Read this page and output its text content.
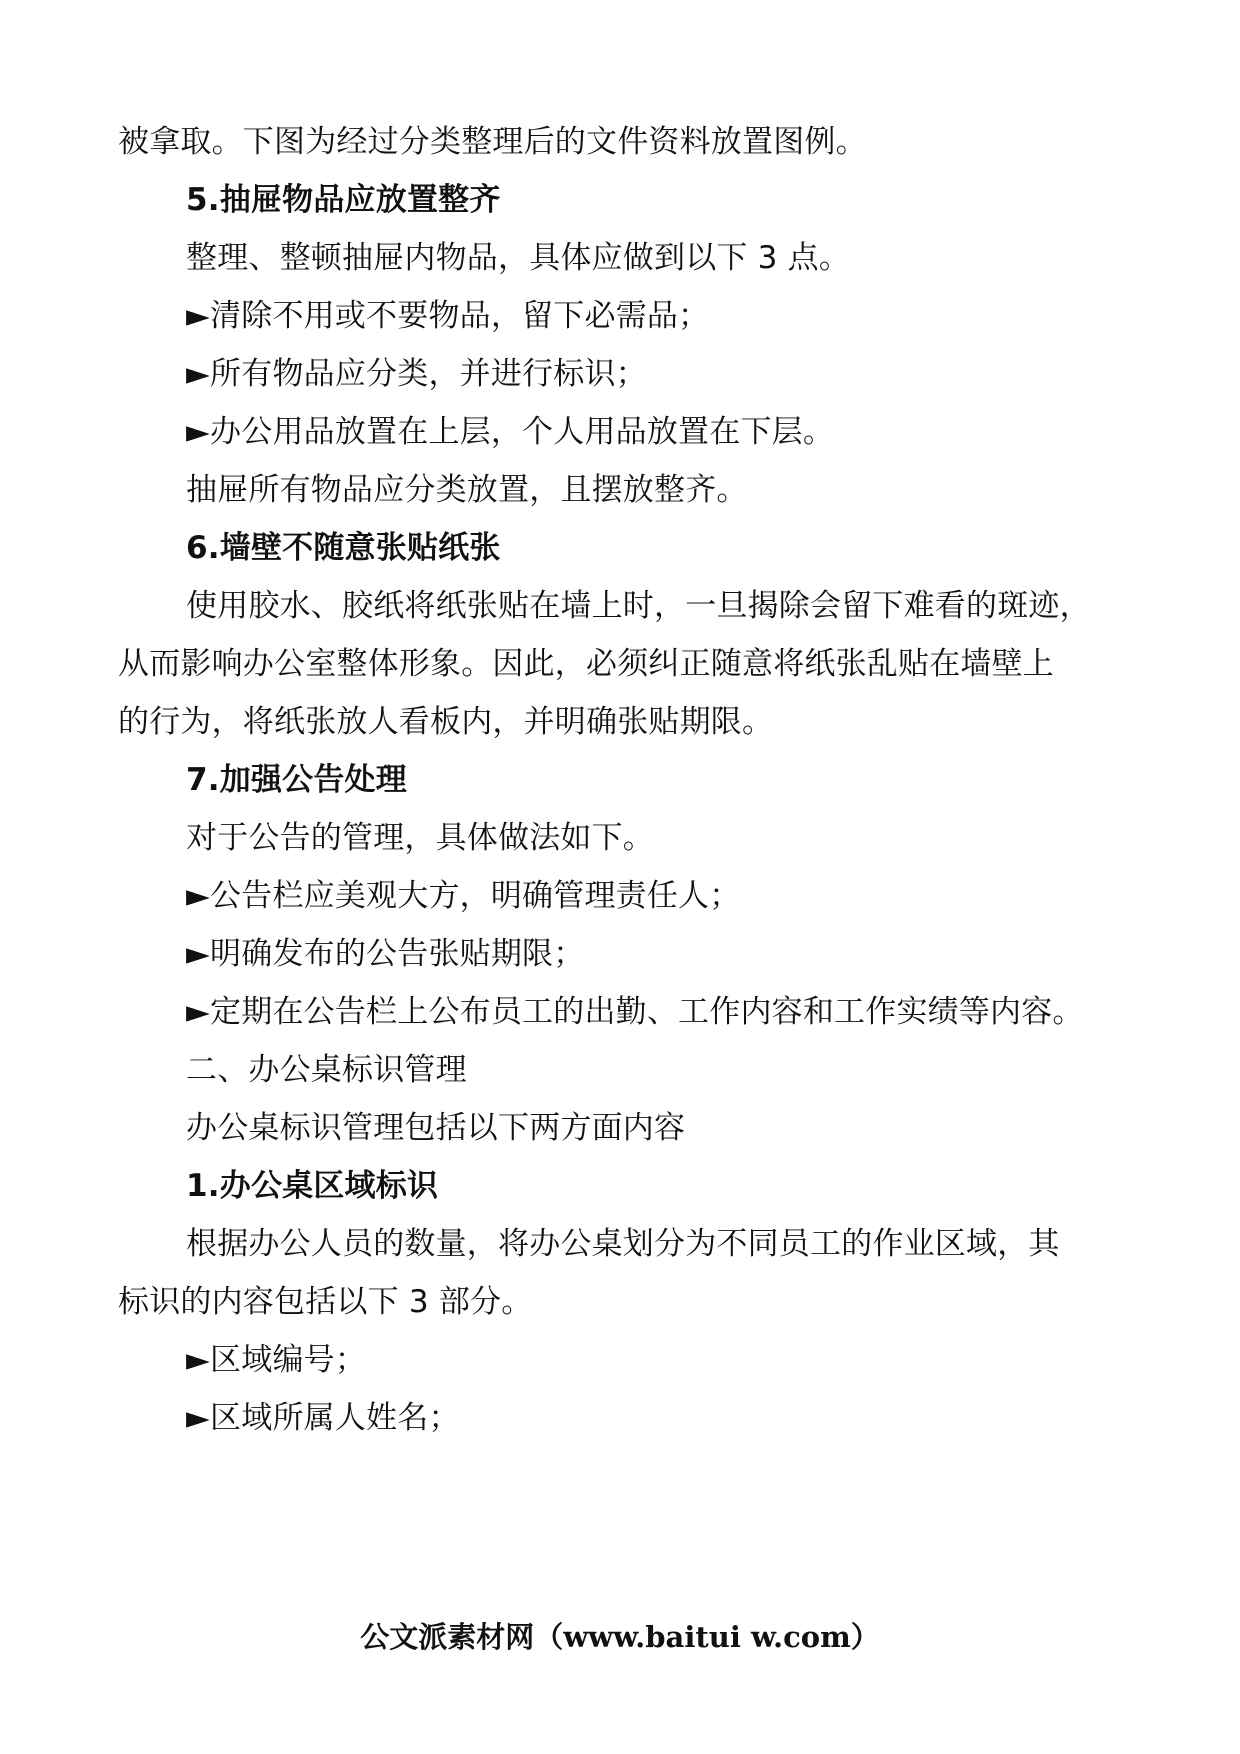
被拿取。下图为经过分类整理后的文件资料放置图例。
5.抽屉物品应放置整齐
整理、整顿抽屉内物品，具体应做到以下 3 点。
►清除不用或不要物品，留下必需品；
►所有物品应分类，并进行标识；
►办公用品放置在上层，个人用品放置在下层。
抽屉所有物品应分类放置，且摆放整齐。
6.墙壁不随意张贴纸张
使用胶水、胶纸将纸张贴在墙上时，一旦揭除会留下难看的斑迹，
从而影响办公室整体形象。因此，必须纠正随意将纸张乱贴在墙壁上
的行为，将纸张放人看板内，并明确张贴期限。
7.加强公告处理
对于公告的管理，具体做法如下。
►公告栏应美观大方，明确管理责任人；
►明确发布的公告张贴期限；
►定期在公告栏上公布员工的出勤、工作内容和工作实绩等内容。
二、办公桌标识管理
办公桌标识管理包括以下两方面内容
1.办公桌区域标识
根据办公人员的数量，将办公桌划分为不同员工的作业区域，其
标识的内容包括以下 3 部分。
►区域编号；
►区域所属人姓名；
公文派素材网（www.baitui w.com）
